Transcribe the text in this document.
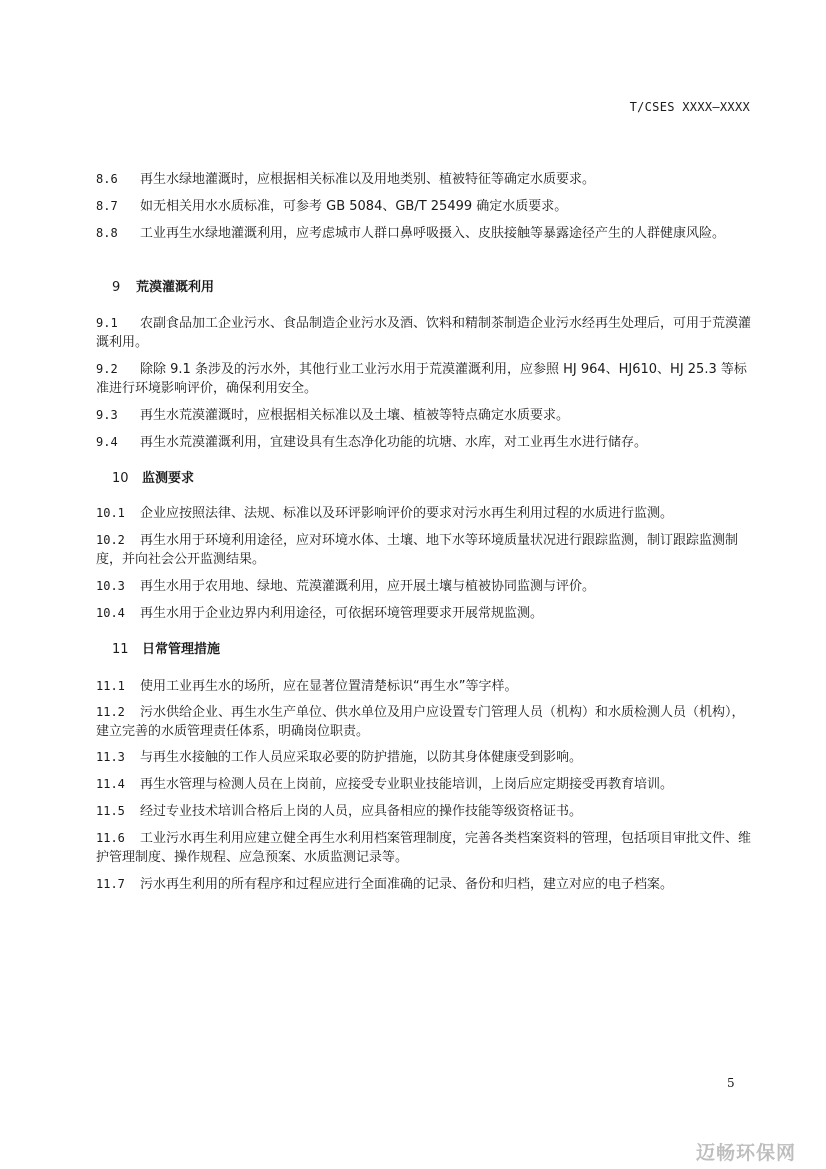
T/CSES XXXX—XXXX
8.6 再生水绿地灌溉时，应根据相关标准以及用地类别、植被特征等确定水质要求。
8.7 如无相关用水水质标准，可参考 GB 5084、GB/T 25499 确定水质要求。
8.8 工业再生水绿地灌溉利用，应考虑城市人群口鼻呼吸摄入、皮肤接触等暴露途径产生的人群健康风险。
9 荒漠灌溉利用
9.1 农副食品加工企业污水、食品制造企业污水及酒、饮料和精制茶制造企业污水经再生处理后，可用于荒漠灌溉利用。
9.2 除除 9.1 条涉及的污水外，其他行业工业污水用于荒漠灌溉利用，应参照 HJ 964、HJ610、HJ 25.3 等标准进行环境影响评价，确保利用安全。
9.3 再生水荒漠灌溉时，应根据相关标准以及土壤、植被等特点确定水质要求。
9.4 再生水荒漠灌溉利用，宜建设具有生态净化功能的坑塘、水库，对工业再生水进行储存。
10 监测要求
10.1 企业应按照法律、法规、标准以及环评影响评价的要求对污水再生利用过程的水质进行监测。
10.2 再生水用于环境利用途径，应对环境水体、土壤、地下水等环境质量状况进行跟踪监测，制订跟踪监测制度，并向社会公开监测结果。
10.3 再生水用于农用地、绿地、荒漠灌溉利用，应开展土壤与植被协同监测与评价。
10.4 再生水用于企业边界内利用途径，可依据环境管理要求开展常规监测。
11 日常管理措施
11.1 使用工业再生水的场所，应在显著位置清楚标识“再生水”等字样。
11.2 污水供给企业、再生水生产单位、供水单位及用户应设置专门管理人员（机构）和水质检测人员（机构），建立完善的水质管理责任体系，明确岗位职责。
11.3 与再生水接触的工作人员应采取必要的防护措施，以防其身体健康受到影响。
11.4 再生水管理与检测人员在上岗前，应接受专业职业技能培训，上岗后应定期接受再教育培训。
11.5 经过专业技术培训合格后上岗的人员，应具备相应的操作技能等级资格证书。
11.6 工业污水再生利用应建立健全再生水利用档案管理制度，完善各类档案资料的管理，包括项目审批文件、维护管理制度、操作规程、应急预案、水质监测记录等。
11.7 污水再生利用的所有程序和过程应进行全面准确的记录、备份和归档，建立对应的电子档案。
5
迈畅环保网
